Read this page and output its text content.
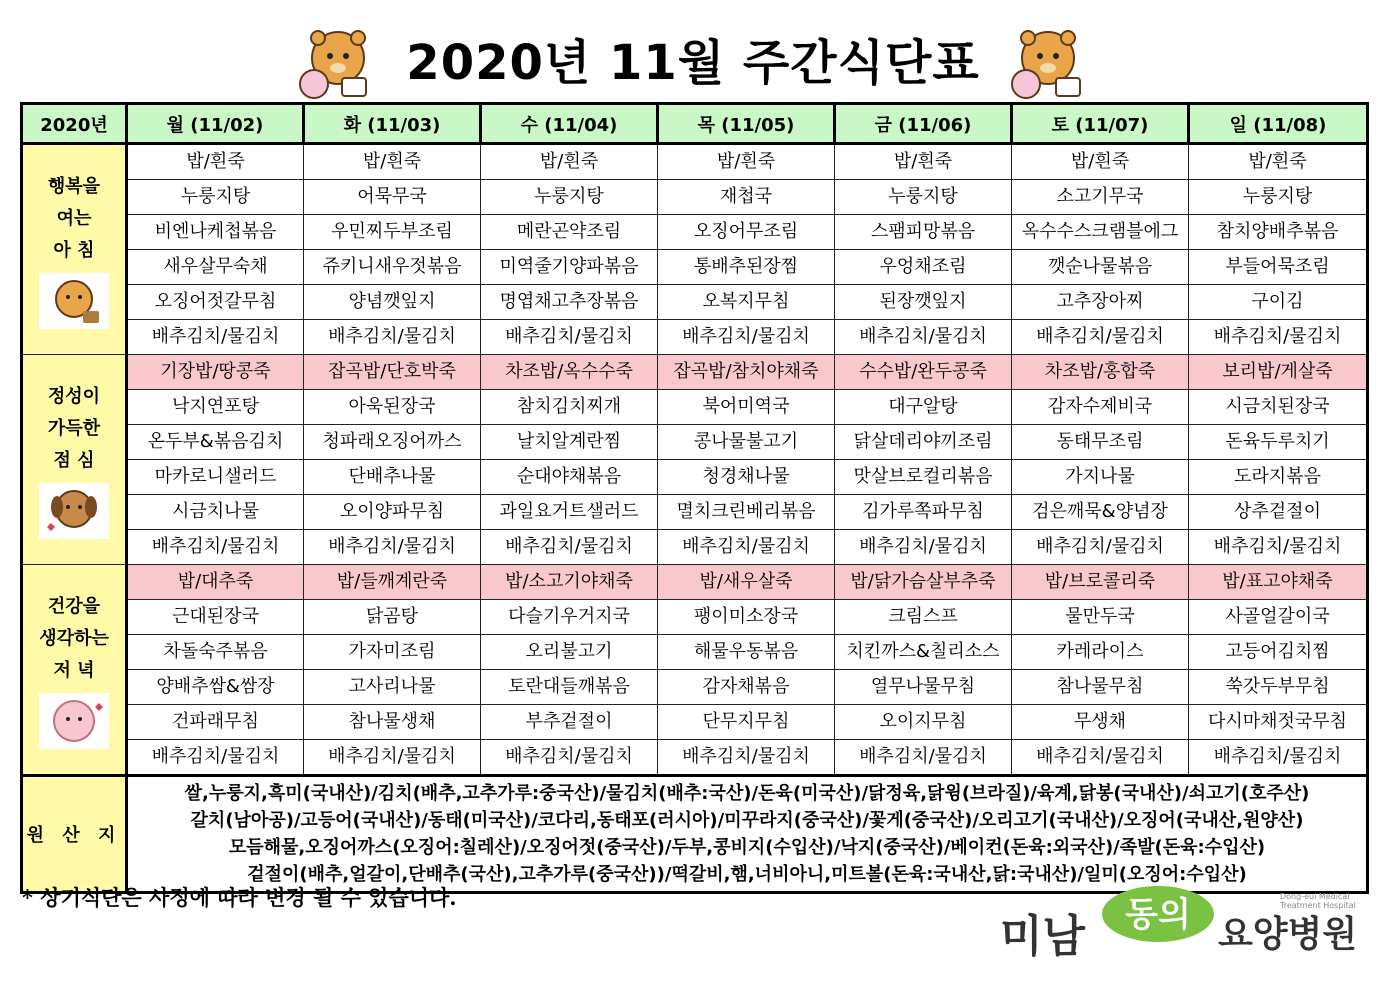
2020년 11월 주간식단표
2020년	월 (11/02)	화 (11/03)	수 (11/04)	목 (11/05)	금 (11/06)	토 (11/07)	일 (11/08)

행복을
여는
아 침	밥/흰죽	밥/흰죽	밥/흰죽	밥/흰죽	밥/흰죽	밥/흰죽	밥/흰죽
	누룽지탕	어묵무국	누룽지탕	재첩국	누룽지탕	소고기무국	누룽지탕
	비엔나케첩볶음	우민찌두부조림	메란곤약조림	오징어무조림	스팸피망볶음	옥수수스크램블에그	참치양배추볶음
	새우살무숙채	쥬키니새우젓볶음	미역줄기양파볶음	통배추된장찜	우엉채조림	깻순나물볶음	부들어묵조림
	오징어젓갈무침	양념깻잎지	명엽채고추장볶음	오복지무침	된장깻잎지	고추장아찌	구이김
	배추김치/물김치	배추김치/물김치	배추김치/물김치	배추김치/물김치	배추김치/물김치	배추김치/물김치	배추김치/물김치

정성이
가득한
점 심	기장밥/땅콩죽	잡곡밥/단호박죽	차조밥/옥수수죽	잡곡밥/참치야채죽	수수밥/완두콩죽	차조밥/홍합죽	보리밥/게살죽
	낙지연포탕	아욱된장국	참치김치찌개	북어미역국	대구알탕	감자수제비국	시금치된장국
	온두부&볶음김치	청파래오징어까스	날치알계란찜	콩나물불고기	닭살데리야끼조림	동태무조림	돈육두루치기
	마카로니샐러드	단배추나물	순대야채볶음	청경채나물	맛살브로컬리볶음	가지나물	도라지볶음
	시금치나물	오이양파무침	과일요거트샐러드	멸치크린베리볶음	김가루쪽파무침	검은깨묵&양념장	상추겉절이
	배추김치/물김치	배추김치/물김치	배추김치/물김치	배추김치/물김치	배추김치/물김치	배추김치/물김치	배추김치/물김치

건강을
생각하는
저 녁	밥/대추죽	밥/들깨계란죽	밥/소고기야채죽	밥/새우살죽	밥/닭가슴살부추죽	밥/브로콜리죽	밥/표고야채죽
	근대된장국	닭곰탕	다슬기우거지국	팽이미소장국	크림스프	물만두국	사골얼갈이국
	차돌숙주볶음	가자미조림	오리불고기	해물우동볶음	치킨까스&칠리소스	카레라이스	고등어김치찜
	양배추쌈&쌈장	고사리나물	토란대들깨볶음	감자채볶음	열무나물무침	참나물무침	쑥갓두부무침
	건파래무침	참나물생채	부추겉절이	단무지무침	오이지무침	무생채	다시마채젓국무침
	배추김치/물김치	배추김치/물김치	배추김치/물김치	배추김치/물김치	배추김치/물김치	배추김치/물김치	배추김치/물김치
원 산 지	쌀,누룽지,흑미(국내산)/김치(배추,고추가루:중국산)/물김치(배추:국산)/돈육(미국산)/닭정육,닭윙(브라질)/육계,닭봉(국내산)/쇠고기(호주산)
갈치(남아공)/고등어(국내산)/동태(미국산)/코다리,동태포(러시아)/미꾸라지(중국산)/꽃게(중국산)/오리고기(국내산)/오징어(국내산,원양산)
모듬해물,오징어까스(오징어:칠레산)/오징어젓(중국산)/두부,콩비지(수입산)/낙지(중국산)/베이컨(돈육:외국산)/족발(돈육:수입산)
겉절이(배추,얼갈이,단배추(국산),고추가루(중국산))/떡갈비,햄,너비아니,미트볼(돈육:국내산,닭:국내산)/일미(오징어:수입산)						
* 상기식단은 사정에 따라 변경 될 수 있습니다.
미남 동의 요양병원
Dong-eui Medical Treatment Hospital
